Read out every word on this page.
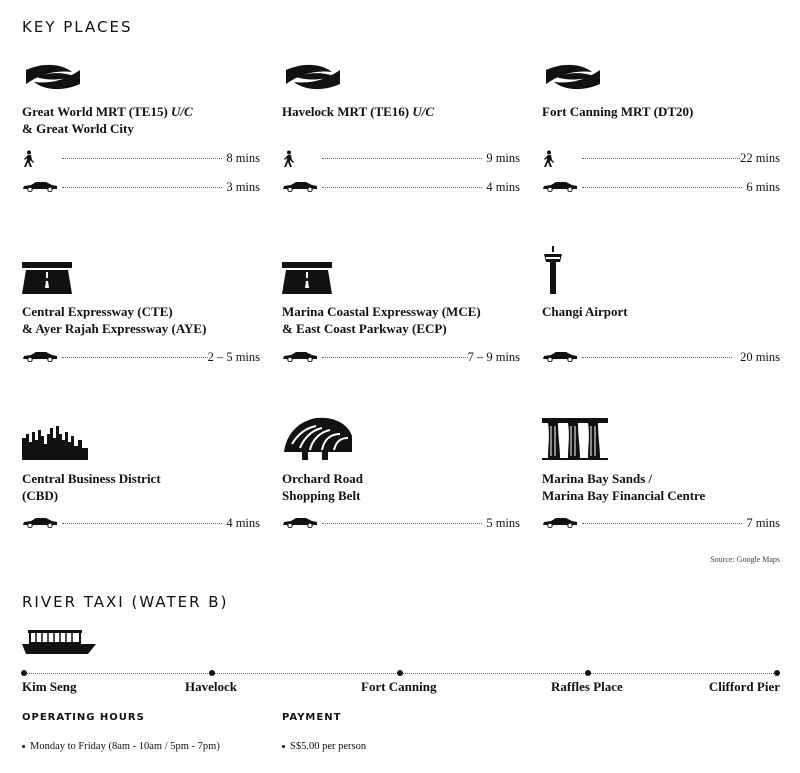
KEY PLACES
Great World MRT (TE15) U/C
& Great World City
8 mins
3 mins
Havelock MRT (TE16) U/C
9 mins
4 mins
Fort Canning MRT (DT20)
22 mins
6 mins
Central Expressway (CTE)
& Ayer Rajah Expressway (AYE)
2 – 5 mins
Marina Coastal Expressway (MCE)
& East Coast Parkway (ECP)
7 – 9 mins
Changi Airport
20 mins
Central Business District
(CBD)
4 mins
Orchard Road
Shopping Belt
5 mins
Marina Bay Sands /
Marina Bay Financial Centre
7 mins
Source: Google Maps
RIVER TAXI (WATER B)
Kim Seng	Havelock	Fort Canning	Raffles Place	Clifford Pier
OPERATING HOURS
Monday to Friday (8am - 10am / 5pm - 7pm)
PAYMENT
S$5.00 per person
